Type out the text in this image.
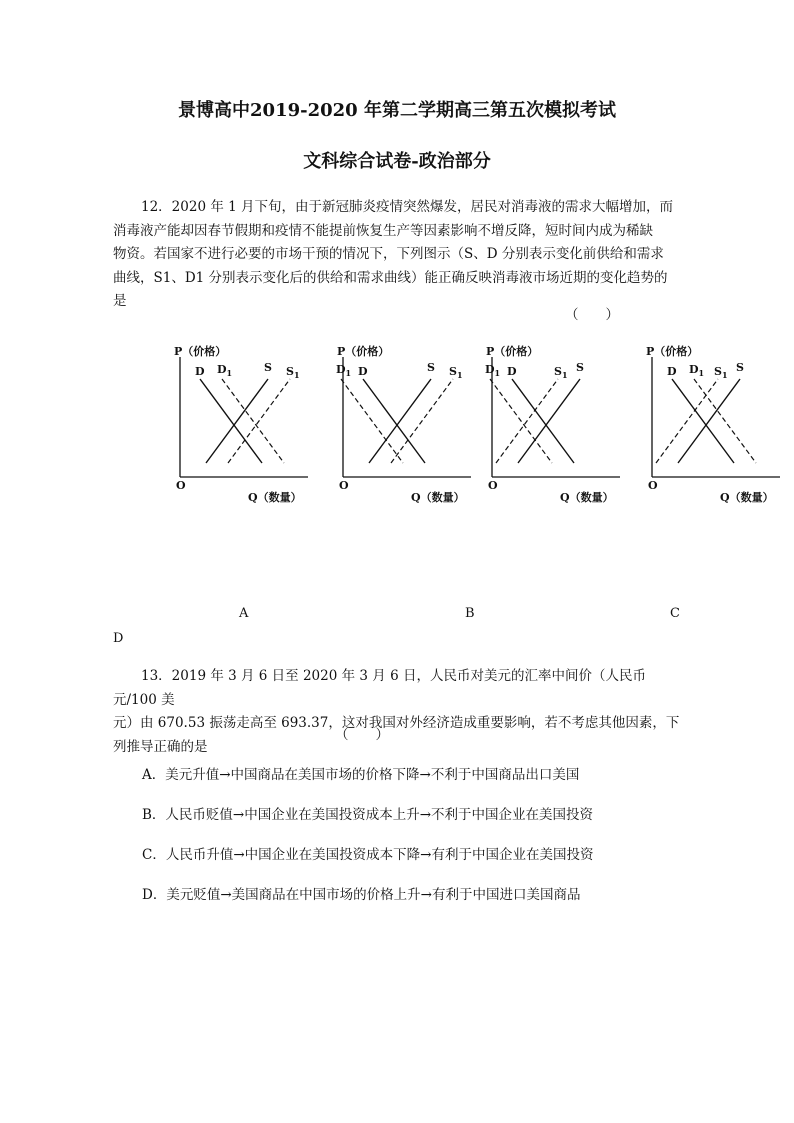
景博高中2019-2020 年第二学期高三第五次模拟考试
文科综合试卷-政治部分
12．2020 年 1 月下旬，由于新冠肺炎疫情突然爆发，居民对消毒液的需求大幅增加，而
消毒液产能却因春节假期和疫情不能提前恢复生产等因素影响不增反降，短时间内成为稀缺
物资。若国家不进行必要的市场干预的情况下，下列图示（S、D 分别表示变化前供给和需求
曲线，S1、D1 分别表示变化后的供给和需求曲线）能正确反映消毒液市场近期的变化趋势的
是
（　　）
P（价格）
O
Q（数量）
D $D_1$	S $S_1$
P（价格）
O
Q（数量）
D
$D_1$	S $S_1$
P（价格）
O
Q（数量）
D
$D_1$	S
$S_1$
P（价格）
O
Q（数量）
D $D_1$	S
$S_1$
A	B	C
D
13．2019 年 3 月 6 日至 2020 年 3 月 6 日，人民币对美元的汇率中间价（人民币元/100 美
元）由 670.53 振荡走高至 693.37，这对我国对外经济造成重要影响，若不考虑其他因素，下
列推导正确的是
（　　）
A．美元升值→中国商品在美国市场的价格下降→不利于中国商品出口美国
B．人民币贬值→中国企业在美国投资成本上升→不利于中国企业在美国投资
C．人民币升值→中国企业在美国投资成本下降→有利于中国企业在美国投资
D．美元贬值→美国商品在中国市场的价格上升→有利于中国进口美国商品
